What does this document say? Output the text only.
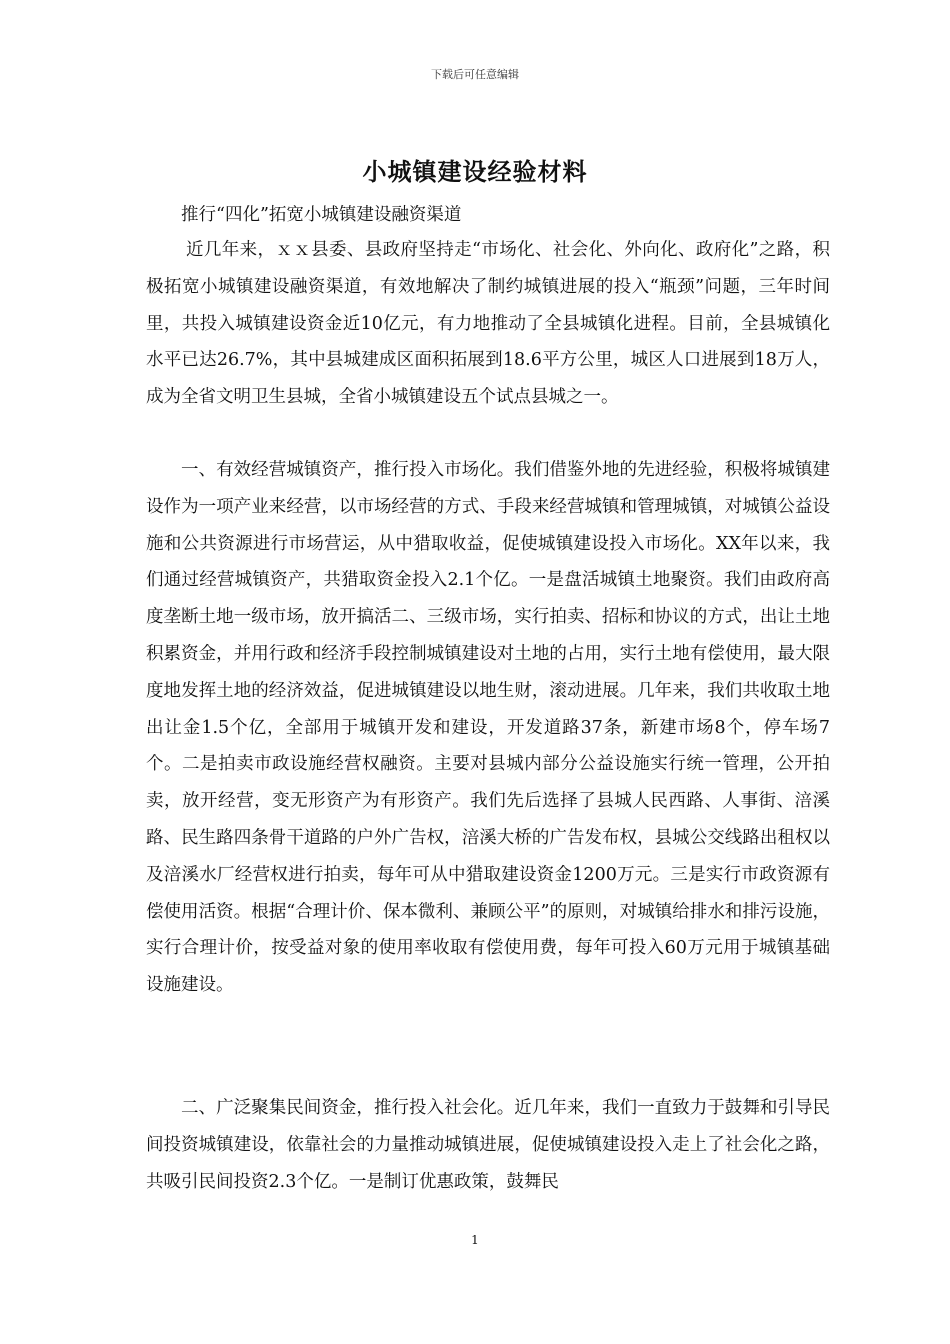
下载后可任意编辑
小城镇建设经验材料
推行“四化”拓宽小城镇建设融资渠道

近几年来，ｘｘ县委、县政府坚持走“市场化、社会化、外向化、政府化”之路，积极拓宽小城镇建设融资渠道，有效地解决了制约城镇进展的投入“瓶颈”问题，三年时间里，共投入城镇建设资金近10亿元，有力地推动了全县城镇化进程。目前，全县城镇化水平已达26.7%，其中县城建成区面积拓展到18.6平方公里，城区人口进展到18万人，成为全省文明卫生县城，全省小城镇建设五个试点县城之一。

一、有效经营城镇资产，推行投入市场化。我们借鉴外地的先进经验，积极将城镇建设作为一项产业来经营，以市场经营的方式、手段来经营城镇和管理城镇，对城镇公益设施和公共资源进行市场营运，从中猎取收益，促使城镇建设投入市场化。XX年以来，我们通过经营城镇资产，共猎取资金投入2.1个亿。一是盘活城镇土地聚资。我们由政府高度垄断土地一级市场，放开搞活二、三级市场，实行拍卖、招标和协议的方式，出让土地积累资金，并用行政和经济手段控制城镇建设对土地的占用，实行土地有偿使用，最大限度地发挥土地的经济效益，促进城镇建设以地生财，滚动进展。几年来，我们共收取土地出让金1.5个亿，全部用于城镇开发和建设，开发道路37条，新建市场8个，停车场7个。二是拍卖市政设施经营权融资。主要对县城内部分公益设施实行统一管理，公开拍卖，放开经营，变无形资产为有形资产。我们先后选择了县城人民西路、人事街、涪溪路、民生路四条骨干道路的户外广告权，涪溪大桥的广告发布权，县城公交线路出租权以及涪溪水厂经营权进行拍卖，每年可从中猎取建设资金1200万元。三是实行市政资源有偿使用活资。根据“合理计价、保本微利、兼顾公平”的原则，对城镇给排水和排污设施，实行合理计价，按受益对象的使用率收取有偿使用费，每年可投入60万元用于城镇基础设施建设。

二、广泛聚集民间资金，推行投入社会化。近几年来，我们一直致力于鼓舞和引导民间投资城镇建设，依靠社会的力量推动城镇进展，促使城镇建设投入走上了社会化之路，共吸引民间投资2.3个亿。一是制订优惠政策，鼓舞民

1
